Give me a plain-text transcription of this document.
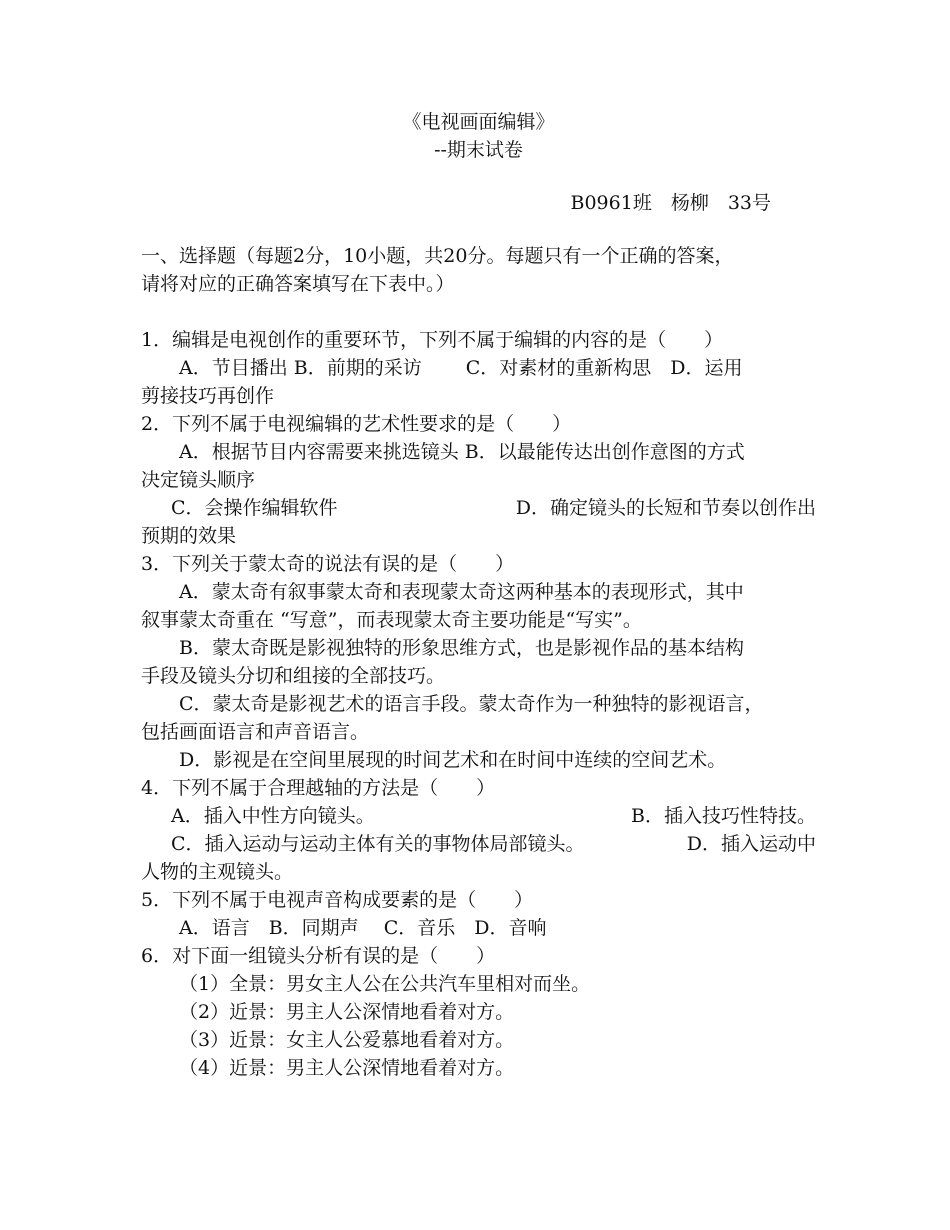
《电视画面编辑》

--期末试卷

B0961班　杨柳　33号

一、选择题（每题2分，10小题，共20分。每题只有一个正确的答案，

请将对应的正确答案填写在下表中。）

1．编辑是电视创作的重要环节，下列不属于编辑的内容的是（　　）

A．节目播出 B．前期的采访　　 C．对素材的重新构思　D．运用

剪接技巧再创作

2．下列不属于电视编辑的艺术性要求的是（　　）

A．根据节目内容需要来挑选镜头 B．以最能传达出创作意图的方式

决定镜头顺序

C．会操作编辑软件	D．确定镜头的长短和节奏以创作出

预期的效果

3．下列关于蒙太奇的说法有误的是（　　）

A．蒙太奇有叙事蒙太奇和表现蒙太奇这两种基本的表现形式，其中

叙事蒙太奇重在 “写意”，而表现蒙太奇主要功能是“写实”。

B．蒙太奇既是影视独特的形象思维方式，也是影视作品的基本结构

手段及镜头分切和组接的全部技巧。

C．蒙太奇是影视艺术的语言手段。蒙太奇作为一种独特的影视语言，

包括画面语言和声音语言。

D．影视是在空间里展现的时间艺术和在时间中连续的空间艺术。

4．下列不属于合理越轴的方法是（　　）

A．插入中性方向镜头。	B．插入技巧性特技。
C．插入运动与运动主体有关的事物体局部镜头。	D．插入运动中

人物的主观镜头。

5．下列不属于电视声音构成要素的是（　　）

A．语言　B．同期声　 C．音乐　D．音响

6．对下面一组镜头分析有误的是（　　）

（1）全景：男女主人公在公共汽车里相对而坐。

（2）近景：男主人公深情地看着对方。

（3）近景：女主人公爱慕地看着对方。

（4）近景：男主人公深情地看着对方。
